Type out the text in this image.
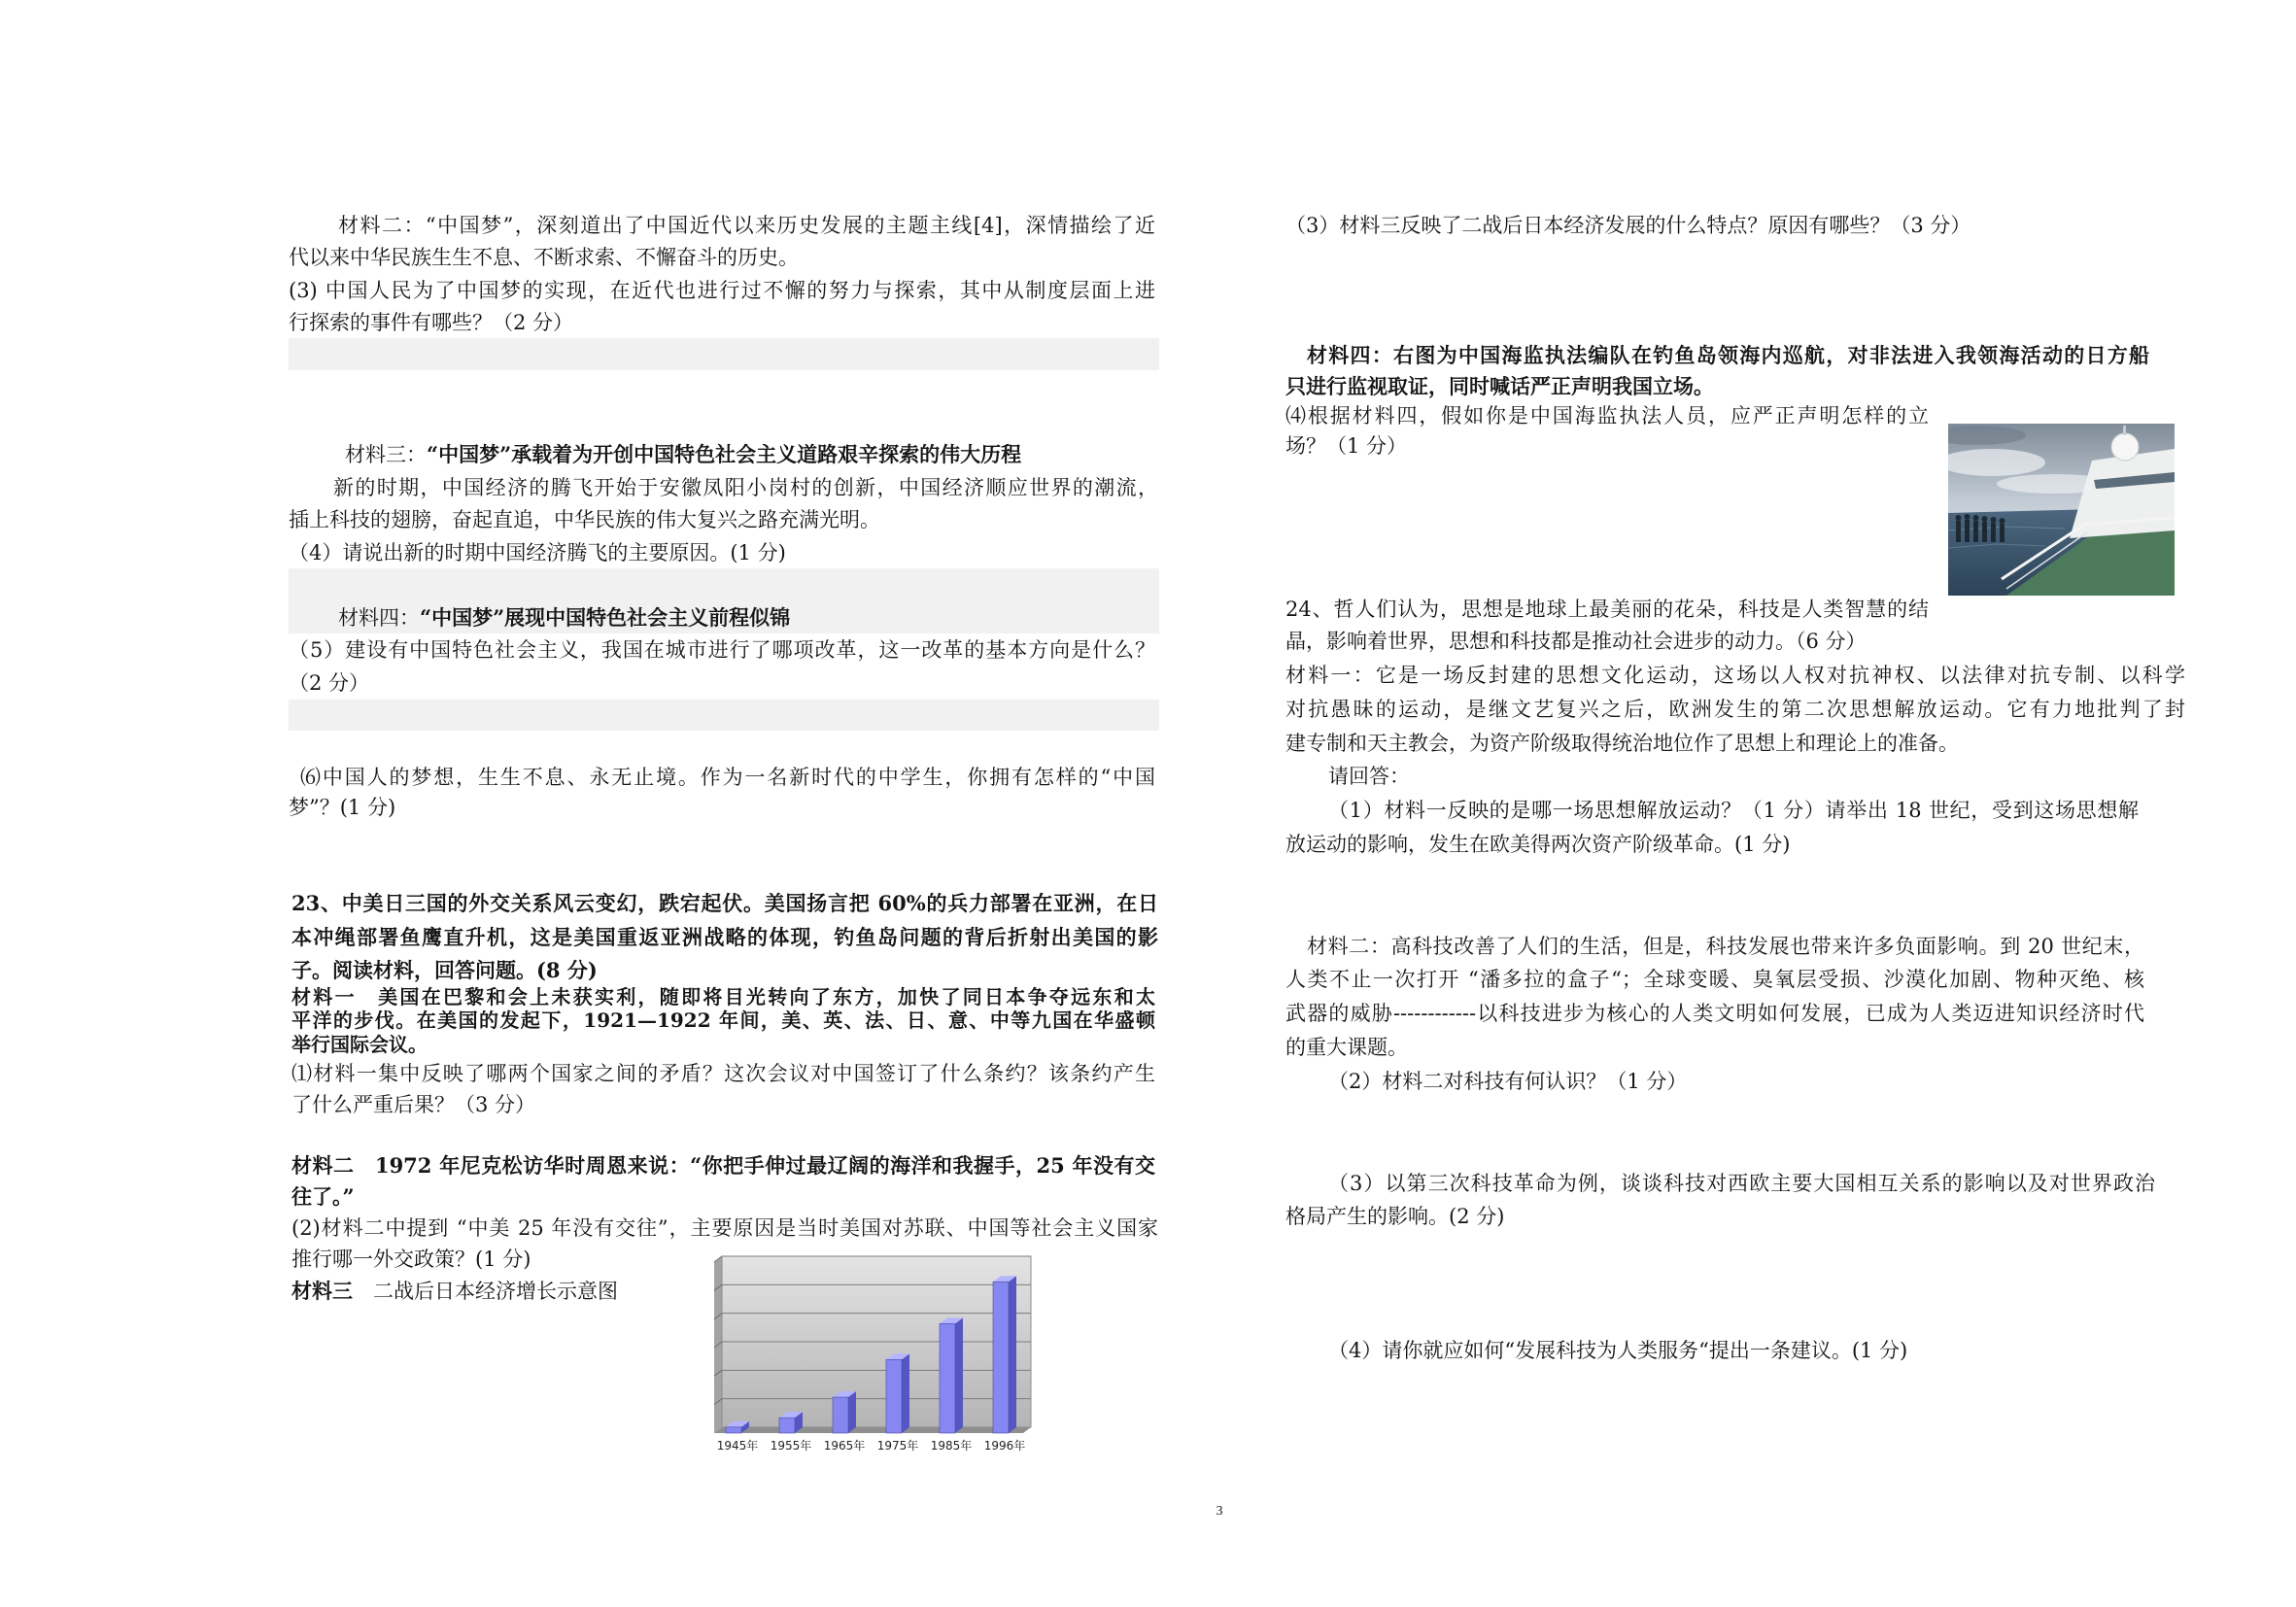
材料二：“中国梦”，深刻道出了中国近代以来历史发展的主题主线[4]，深情描绘了近
代以来中华民族生生不息、不断求索、不懈奋斗的历史。
(3) 中国人民为了中国梦的实现，在近代也进行过不懈的努力与探索，其中从制度层面上进
行探索的事件有哪些？（2 分）
材料三：“中国梦”承载着为开创中国特色社会主义道路艰辛探索的伟大历程
新的时期，中国经济的腾飞开始于安徽凤阳小岗村的创新，中国经济顺应世界的潮流，
插上科技的翅膀，奋起直追，中华民族的伟大复兴之路充满光明。
（4）请说出新的时期中国经济腾飞的主要原因。(1 分)
材料四：“中国梦”展现中国特色社会主义前程似锦
（5）建设有中国特色社会主义，我国在城市进行了哪项改革，这一改革的基本方向是什么？
（2 分）
⑹中国人的梦想，生生不息、永无止境。作为一名新时代的中学生，你拥有怎样的“中国
梦”？(1 分)
23、中美日三国的外交关系风云变幻，跌宕起伏。美国扬言把 60%的兵力部署在亚洲，在日
本冲绳部署鱼鹰直升机，这是美国重返亚洲战略的体现，钓鱼岛问题的背后折射出美国的影
子。阅读材料，回答问题。(8 分)
材料一　美国在巴黎和会上未获实利，随即将目光转向了东方，加快了同日本争夺远东和太
平洋的步伐。在美国的发起下，1921—1922 年间，美、英、法、日、意、中等九国在华盛顿
举行国际会议。
⑴材料一集中反映了哪两个国家之间的矛盾？这次会议对中国签订了什么条约？该条约产生
了什么严重后果？（3 分）
材料二　1972 年尼克松访华时周恩来说：“你把手伸过最辽阔的海洋和我握手，25 年没有交
往了。”
(2)材料二中提到 “中美 25 年没有交往”，主要原因是当时美国对苏联、中国等社会主义国家
推行哪一外交政策？(1 分)
材料三 二战后日本经济增长示意图
1945年 1955年 1965年 1975年 1985年 1996年
（3）材料三反映了二战后日本经济发展的什么特点？原因有哪些？（3 分）
材料四：右图为中国海监执法编队在钓鱼岛领海内巡航，对非法进入我领海活动的日方船
只进行监视取证，同时喊话严正声明我国立场。
⑷根据材料四，假如你是中国海监执法人员，应严正声明怎样的立
场？（1 分）
24、哲人们认为，思想是地球上最美丽的花朵，科技是人类智慧的结
晶，影响着世界，思想和科技都是推动社会进步的动力。（6 分）
材料一：它是一场反封建的思想文化运动，这场以人权对抗神权、以法律对抗专制、以科学
对抗愚昧的运动，是继文艺复兴之后，欧洲发生的第二次思想解放运动。它有力地批判了封
建专制和天主教会，为资产阶级取得统治地位作了思想上和理论上的准备。
请回答：
（1）材料一反映的是哪一场思想解放运动？（1 分）请举出 18 世纪，受到这场思想解
放运动的影响，发生在欧美得两次资产阶级革命。(1 分)
材料二：高科技改善了人们的生活，但是，科技发展也带来许多负面影响。到 20 世纪末，
人类不止一次打开 “潘多拉的盒子“；全球变暖、臭氧层受损、沙漠化加剧、物种灭绝、核
武器的威胁------------以科技进步为核心的人类文明如何发展，已成为人类迈进知识经济时代
的重大课题。
（2）材料二对科技有何认识？（1 分）
（3）以第三次科技革命为例，谈谈科技对西欧主要大国相互关系的影响以及对世界政治
格局产生的影响。(2 分)
（4）请你就应如何“发展科技为人类服务“提出一条建议。(1 分)
3
